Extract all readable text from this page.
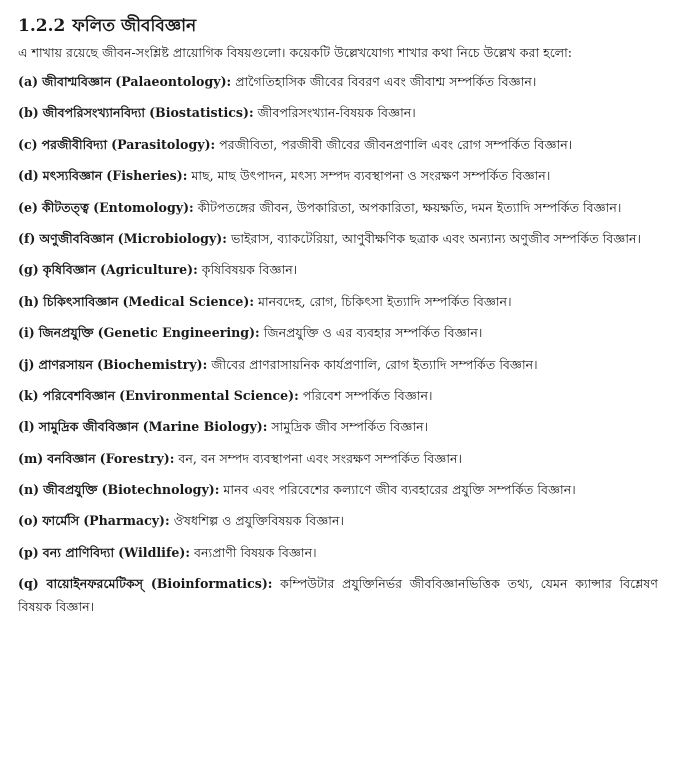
1.2.2 ফলিত জীববিজ্ঞান

এ শাখায় রয়েছে জীবন-সংশ্লিষ্ট প্রায়োগিক বিষয়গুলো। কয়েকটি উল্লেখযোগ্য শাখার কথা নিচে উল্লেখ করা হলো:

(a) জীবাশ্মবিজ্ঞান (Palaeontology): প্রাগৈতিহাসিক জীবের বিবরণ এবং জীবাশ্ম সম্পর্কিত বিজ্ঞান।
(b) জীবপরিসংখ্যানবিদ্যা (Biostatistics): জীবপরিসংখ্যান-বিষয়ক বিজ্ঞান।
(c) পরজীবীবিদ্যা (Parasitology): পরজীবিতা, পরজীবী জীবের জীবনপ্রণালি এবং রোগ সম্পর্কিত বিজ্ঞান।
(d) মৎস্যবিজ্ঞান (Fisheries): মাছ, মাছ উৎপাদন, মৎস্য সম্পদ ব্যবস্থাপনা ও সংরক্ষণ সম্পর্কিত বিজ্ঞান।
(e) কীটতত্ত্ব (Entomology): কীটপতঙ্গের জীবন, উপকারিতা, অপকারিতা, ক্ষয়ক্ষতি, দমন ইত্যাদি সম্পর্কিত বিজ্ঞান।
(f) অণুজীববিজ্ঞান (Microbiology): ভাইরাস, ব্যাকটেরিয়া, আণুবীক্ষণিক ছত্রাক এবং অন্যান্য অণুজীব সম্পর্কিত বিজ্ঞান।
(g) কৃষিবিজ্ঞান (Agriculture): কৃষিবিষয়ক বিজ্ঞান।
(h) চিকিৎসাবিজ্ঞান (Medical Science): মানবদেহ, রোগ, চিকিৎসা ইত্যাদি সম্পর্কিত বিজ্ঞান।
(i) জিনপ্রযুক্তি (Genetic Engineering): জিনপ্রযুক্তি ও এর ব্যবহার সম্পর্কিত বিজ্ঞান।
(j) প্রাণরসায়ন (Biochemistry): জীবের প্রাণরাসায়নিক কার্যপ্রণালি, রোগ ইত্যাদি সম্পর্কিত বিজ্ঞান।
(k) পরিবেশবিজ্ঞান (Environmental Science): পরিবেশ সম্পর্কিত বিজ্ঞান।
(l) সামুদ্রিক জীববিজ্ঞান (Marine Biology): সামুদ্রিক জীব সম্পর্কিত বিজ্ঞান।
(m) বনবিজ্ঞান (Forestry): বন, বন সম্পদ ব্যবস্থাপনা এবং সংরক্ষণ সম্পর্কিত বিজ্ঞান।
(n) জীবপ্রযুক্তি (Biotechnology): মানব এবং পরিবেশের কল্যাণে জীব ব্যবহারের প্রযুক্তি সম্পর্কিত বিজ্ঞান।
(o) ফার্মেসি (Pharmacy): ঔষধশিল্প ও প্রযুক্তিবিষয়ক বিজ্ঞান।
(p) বন্য প্রাণিবিদ্যা (Wildlife): বন্যপ্রাণী বিষয়ক বিজ্ঞান।
(q) বায়োইনফরমেটিকস্ (Bioinformatics): কম্পিউটার প্রযুক্তিনির্ভর জীববিজ্ঞানভিত্তিক তথ্য, যেমন ক্যান্সার বিশ্লেষণ বিষয়ক বিজ্ঞান।
